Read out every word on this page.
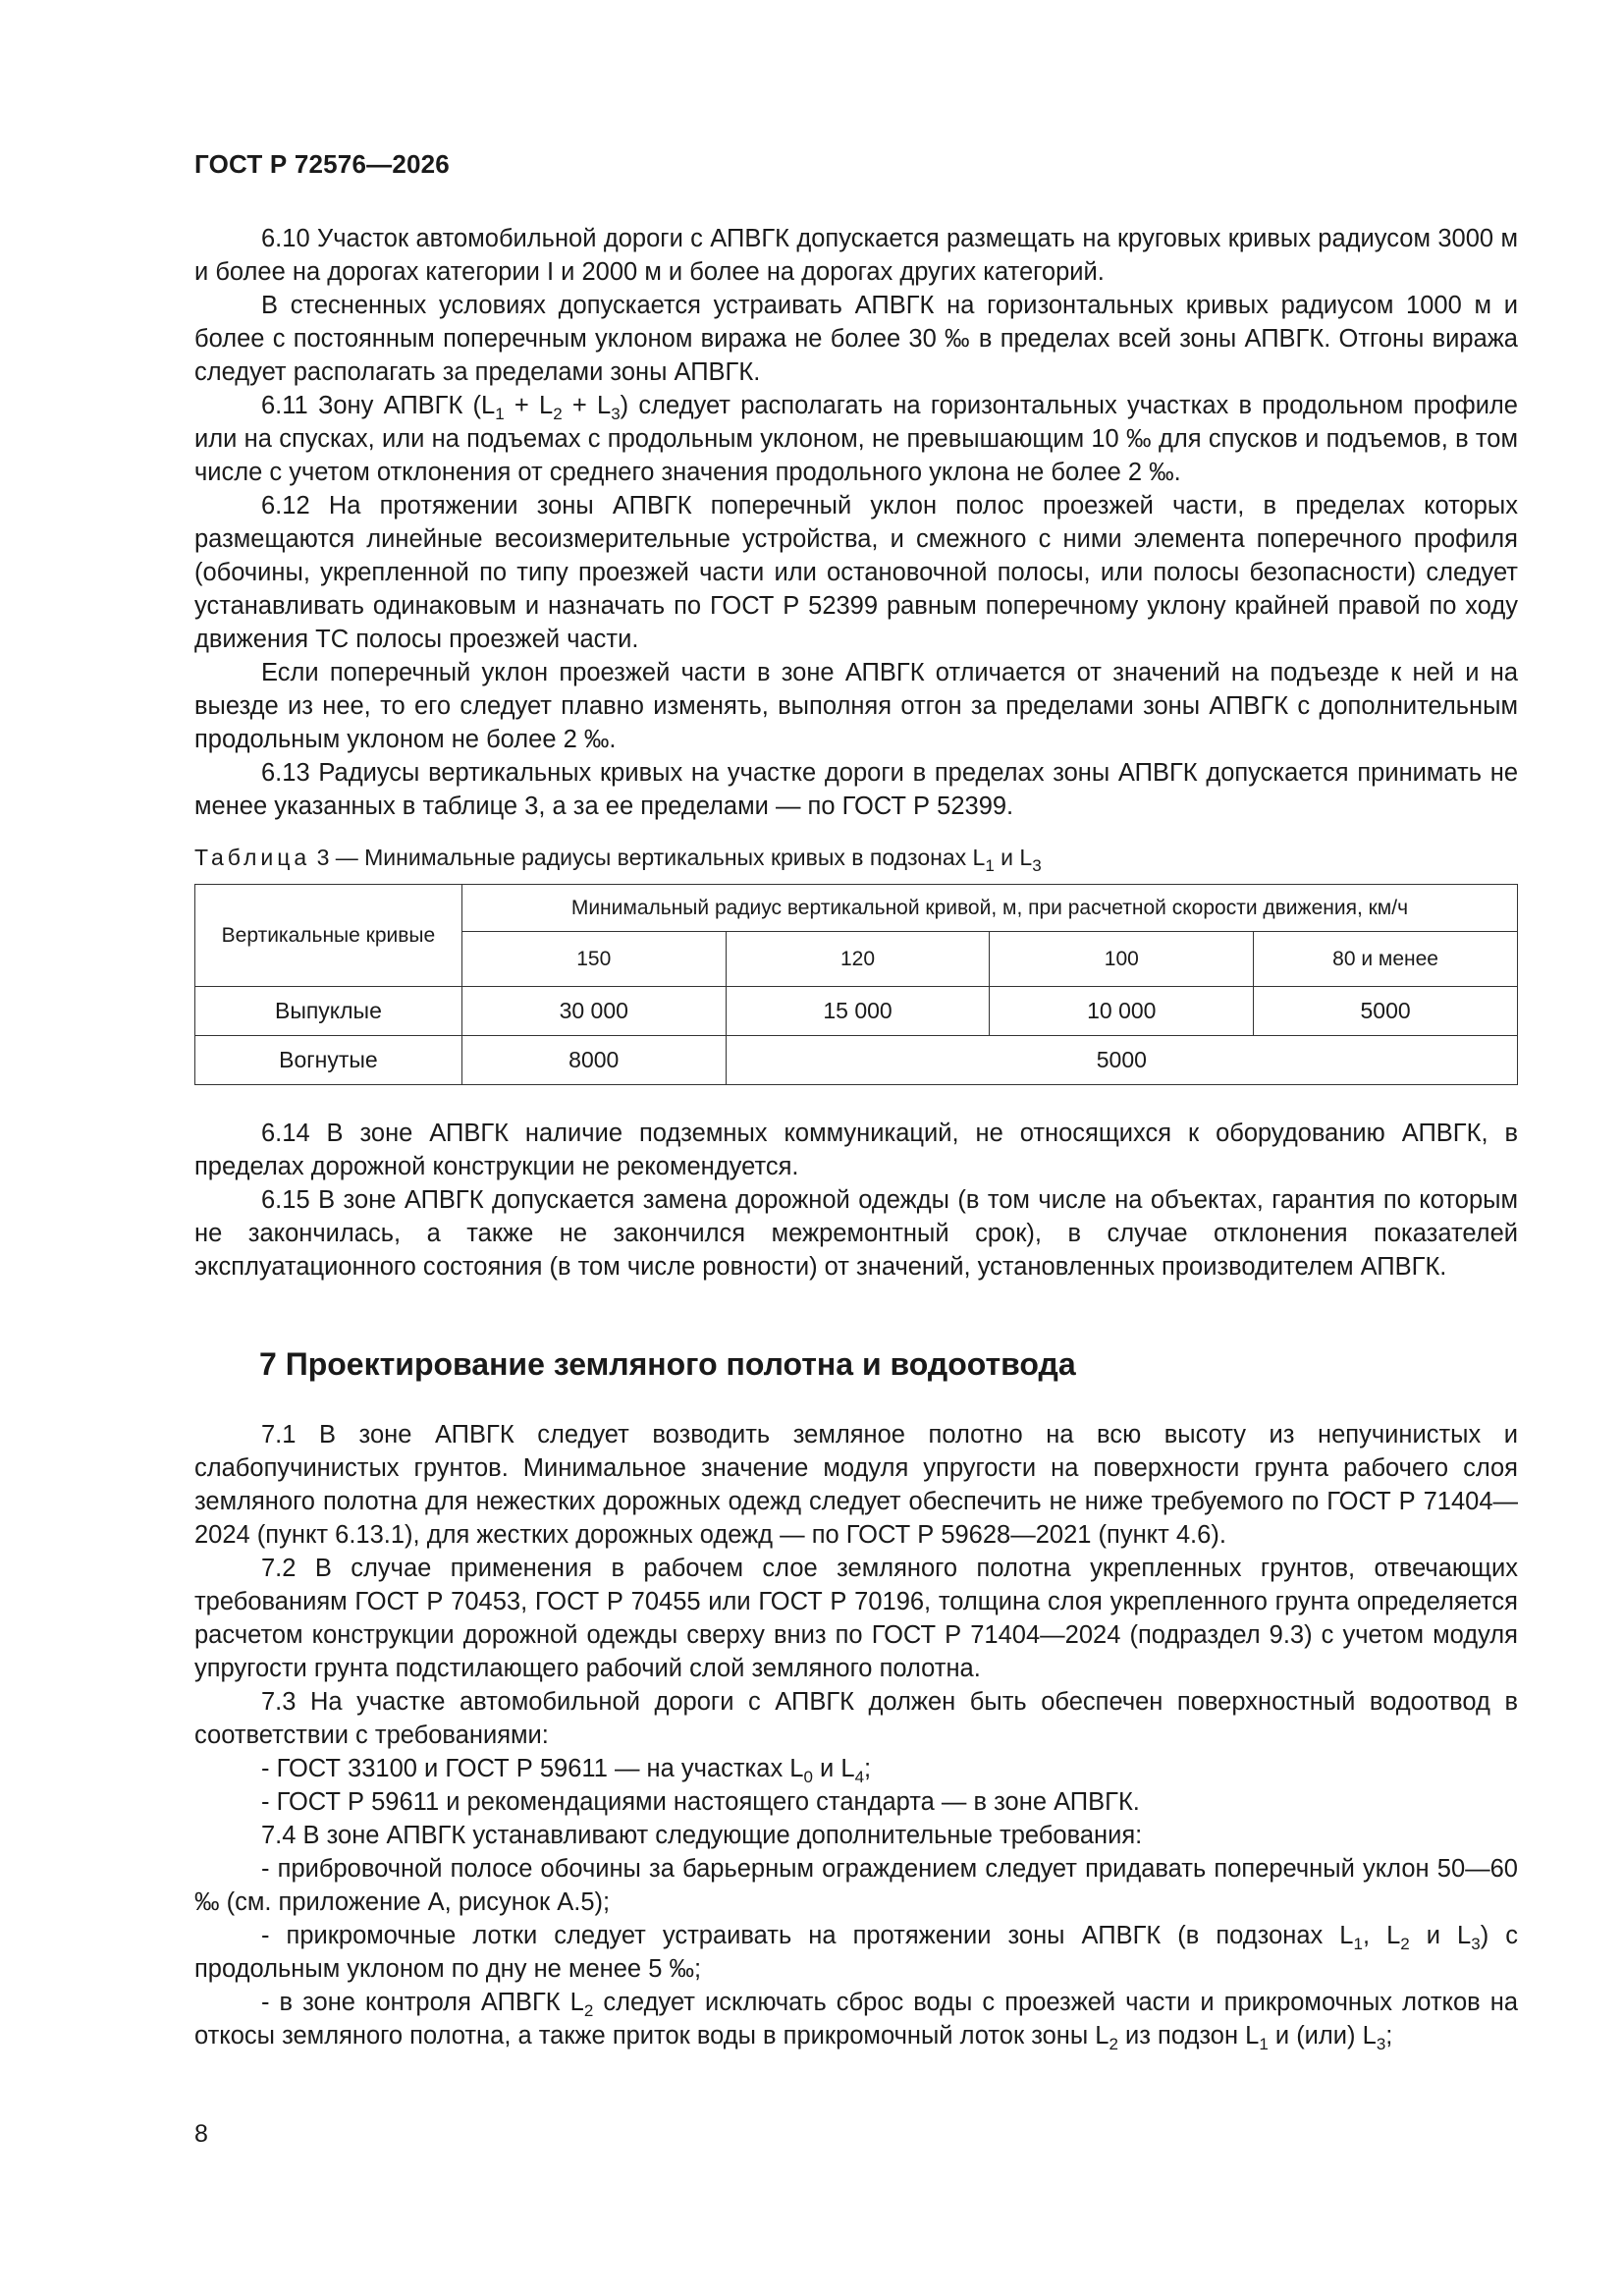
ГОСТ Р 72576—2026

6.10 Участок автомобильной дороги с АПВГК допускается размещать на круговых кривых радиусом 3000 м и более на дорогах категории I и 2000 м и более на дорогах других категорий.

В стесненных условиях допускается устраивать АПВГК на горизонтальных кривых радиусом 1000 м и более с постоянным поперечным уклоном виража не более 30 ‰ в пределах всей зоны АПВГК. Отгоны виража следует располагать за пределами зоны АПВГК.

6.11 Зону АПВГК $(L_1 + L_2 + L_3)$ следует располагать на горизонтальных участках в продольном профиле или на спусках, или на подъемах с продольным уклоном, не превышающим 10 ‰ для спусков и подъемов, в том числе с учетом отклонения от среднего значения продольного уклона не более 2 ‰.

6.12 На протяжении зоны АПВГК поперечный уклон полос проезжей части, в пределах которых размещаются линейные весоизмерительные устройства, и смежного с ними элемента поперечного профиля (обочины, укрепленной по типу проезжей части или остановочной полосы, или полосы безопасности) следует устанавливать одинаковым и назначать по ГОСТ Р 52399 равным поперечному уклону крайней правой по ходу движения ТС полосы проезжей части.

Если поперечный уклон проезжей части в зоне АПВГК отличается от значений на подъезде к ней и на выезде из нее, то его следует плавно изменять, выполняя отгон за пределами зоны АПВГК с дополнительным продольным уклоном не более 2 ‰.

6.13 Радиусы вертикальных кривых на участке дороги в пределах зоны АПВГК допускается принимать не менее указанных в таблице 3, а за ее пределами — по ГОСТ Р 52399.

Таблица 3 — Минимальные радиусы вертикальных кривых в подзонах $L_1$ и $L_3$
Вертикальные кривые	Минимальный радиус вертикальной кривой, м, при расчетной скорости движения, км/ч			
	150	120	100	80 и менее
Выпуклые	30 000	15 000	10 000	5000
Вогнутые	8000	5000		

6.14 В зоне АПВГК наличие подземных коммуникаций, не относящихся к оборудованию АПВГК, в пределах дорожной конструкции не рекомендуется.

6.15 В зоне АПВГК допускается замена дорожной одежды (в том числе на объектах, гарантия по которым не закончилась, а также не закончился межремонтный срок), в случае отклонения показателей эксплуатационного состояния (в том числе ровности) от значений, установленных производителем АПВГК.

7 Проектирование земляного полотна и водоотвода

7.1 В зоне АПВГК следует возводить земляное полотно на всю высоту из непучинистых и слабопучинистых грунтов. Минимальное значение модуля упругости на поверхности грунта рабочего слоя земляного полотна для нежестких дорожных одежд следует обеспечить не ниже требуемого по ГОСТ Р 71404—2024 (пункт 6.13.1), для жестких дорожных одежд — по ГОСТ Р 59628—2021 (пункт 4.6).

7.2 В случае применения в рабочем слое земляного полотна укрепленных грунтов, отвечающих требованиям ГОСТ Р 70453, ГОСТ Р 70455 или ГОСТ Р 70196, толщина слоя укрепленного грунта определяется расчетом конструкции дорожной одежды сверху вниз по ГОСТ Р 71404—2024 (подраздел 9.3) с учетом модуля упругости грунта подстилающего рабочий слой земляного полотна.

7.3 На участке автомобильной дороги с АПВГК должен быть обеспечен поверхностный водоотвод в соответствии с требованиями:

- ГОСТ 33100 и ГОСТ Р 59611 — на участках $L_0$ и $L_4$;

- ГОСТ Р 59611 и рекомендациями настоящего стандарта — в зоне АПВГК.

7.4 В зоне АПВГК устанавливают следующие дополнительные требования:

- прибровочной полосе обочины за барьерным ограждением следует придавать поперечный уклон 50—60 ‰ (см. приложение А, рисунок А.5);

- прикромочные лотки следует устраивать на протяжении зоны АПВГК (в подзонах $L_1$, $L_2$ и $L_3$) с продольным уклоном по дну не менее 5 ‰;

- в зоне контроля АПВГК $L_2$ следует исключать сброс воды с проезжей части и прикромочных лотков на откосы земляного полотна, а также приток воды в прикромочный лоток зоны $L_2$ из подзон $L_1$ и (или) $L_3$;

8
